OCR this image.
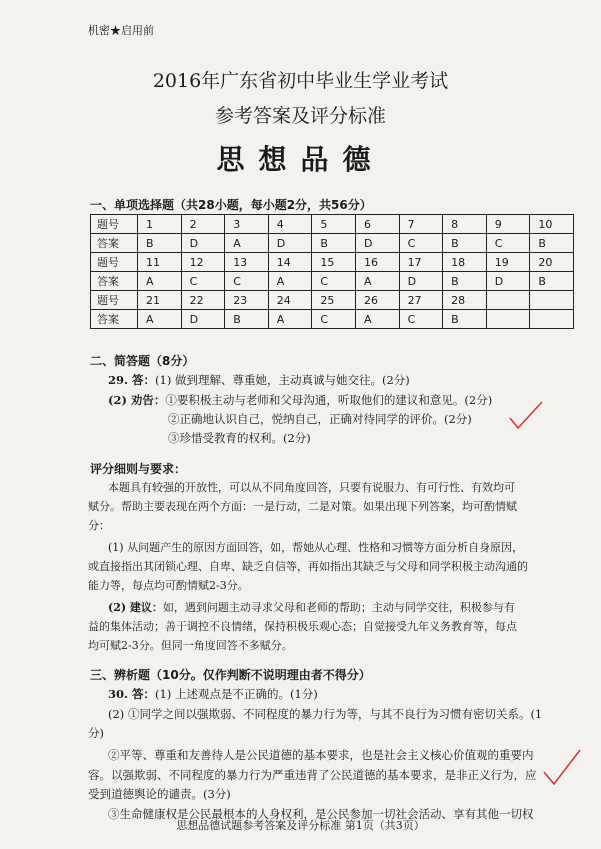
机密★启用前
2016年广东省初中毕业生学业考试
参考答案及评分标准
思想品德
一、单项选择题（共28小题，每小题2分，共56分）
题号	1	2	3	4	5	6	7	8	9	10
答案	B	D	A	D	B	D	C	B	C	B
题号	11	12	13	14	15	16	17	18	19	20
答案	A	C	C	A	C	A	D	B	D	B
题号	21	22	23	24	25	26	27	28		
答案	A	D	B	A	C	A	C	B		
二、简答题（8分）
29. 答：(1) 做到理解、尊重她，主动真诚与她交往。(2分)
(2) 劝告：①要积极主动与老师和父母沟通，听取他们的建议和意见。(2分)
②正确地认识自己，悦纳自己，正确对待同学的评价。(2分)
③珍惜受教育的权利。(2分)
评分细则与要求：
本题具有较强的开放性，可以从不同角度回答，只要有说服力、有可行性、有效均可
赋分。帮助主要表现在两个方面：一是行动，二是对策。如果出现下列答案，均可酌情赋
分：
(1) 从问题产生的原因方面回答，如，帮她从心理、性格和习惯等方面分析自身原因，
或直接指出其闭锁心理、自卑、缺乏自信等，再如指出其缺乏与父母和同学积极主动沟通的
能力等，每点均可酌情赋2-3分。
(2) 建议：如，遇到问题主动寻求父母和老师的帮助；主动与同学交往，积极参与有
益的集体活动；善于调控不良情绪，保持积极乐观心态；自觉接受九年义务教育等，每点
均可赋2-3分。但同一角度回答不多赋分。
三、辨析题（10分。仅作判断不说明理由者不得分）
30. 答：(1) 上述观点是不正确的。(1分)
(2) ①同学之间以强欺弱、不同程度的暴力行为等，与其不良行为习惯有密切关系。(1
分)
②平等、尊重和友善待人是公民道德的基本要求，也是社会主义核心价值观的重要内
容。以强欺弱、不同程度的暴力行为严重违背了公民道德的基本要求，是非正义行为，应
受到道德舆论的谴责。(3分)
③生命健康权是公民最根本的人身权利，是公民参加一切社会活动、享有其他一切权
思想品德试题参考答案及评分标准 第1页（共3页）
